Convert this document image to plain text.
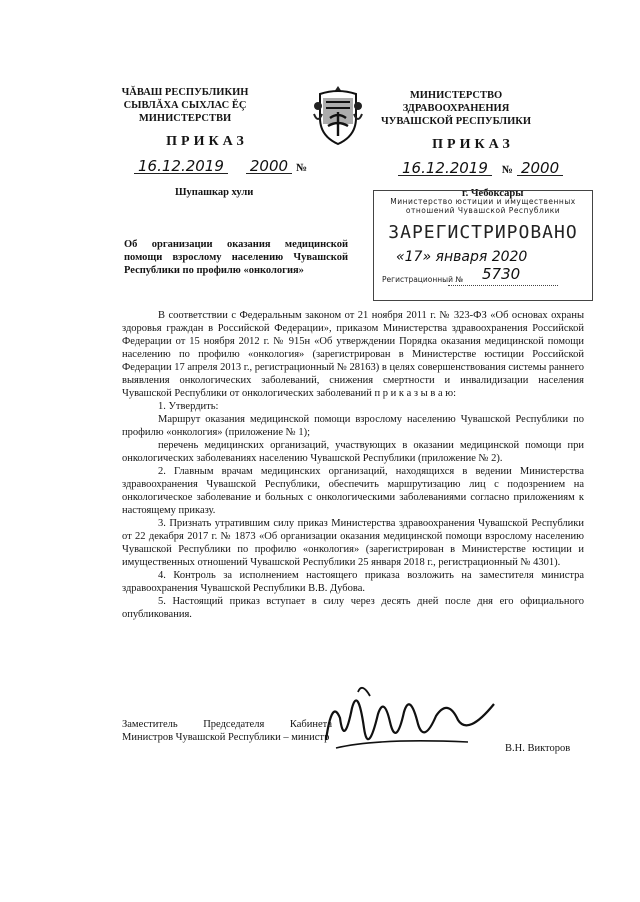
ЧĂВАШ РЕСПУБЛИКИН
СЫВЛĂХА СЫХЛАС ĔÇ
МИНИСТЕРСТВИ
МИНИСТЕРСТВО
ЗДРАВООХРАНЕНИЯ
ЧУВАШСКОЙ РЕСПУБЛИКИ
ПРИКАЗ
16.12.2019 2000 №
Шупашкар хули
ПРИКАЗ
16.12.2019 № 2000
г. Чебоксары
Министерство юстиции и имущественных
отношений Чувашской Республики
ЗАРЕГИСТРИРОВАНО
«17» января 2020
Регистрационный № 5730
Об организации оказания медицинской помощи взрослому населению Чувашской Республики по профилю «онкология»

В соответствии с Федеральным законом от 21 ноября 2011 г. № 323-ФЗ «Об основах охраны здоровья граждан в Российской Федерации», приказом Министерства здравоохранения Российской Федерации от 15 ноября 2012 г. № 915н «Об утверждении Порядка оказания медицинской помощи населению по профилю «онкология» (зарегистрирован в Министерстве юстиции Российской Федерации 17 апреля 2013 г., регистрационный № 28163) в целях совершенствования системы раннего выявления онкологических заболеваний, снижения смертности и инвалидизации населения Чувашской Республики от онкологических заболеваний п р и к а з ы в а ю:

1. Утвердить:

Маршрут оказания медицинской помощи взрослому населению Чувашской Республики по профилю «онкология» (приложение № 1);

перечень медицинских организаций, участвующих в оказании медицинской помощи при онкологических заболеваниях населению Чувашской Республики (приложение № 2).

2. Главным врачам медицинских организаций, находящихся в ведении Министерства здравоохранения Чувашской Республики, обеспечить маршрутизацию лиц с подозрением на онкологическое заболевание и больных с онкологическими заболеваниями согласно приложениям к настоящему приказу.

3. Признать утратившим силу приказ Министерства здравоохранения Чувашской Республики от 22 декабря 2017 г. № 1873 «Об организации оказания медицинской помощи взрослому населению Чувашской Республики по профилю «онкология» (зарегистрирован в Министерстве юстиции и имущественных отношений Чувашской Республики 25 января 2018 г., регистрационный № 4301).

4. Контроль за исполнением настоящего приказа возложить на заместителя министра здравоохранения Чувашской Республики В.В. Дубова.

5. Настоящий приказ вступает в силу через десять дней после дня его официального опубликования.

Заместитель Председателя Кабинета Министров Чувашской Республики – министр
В.Н. Викторов
